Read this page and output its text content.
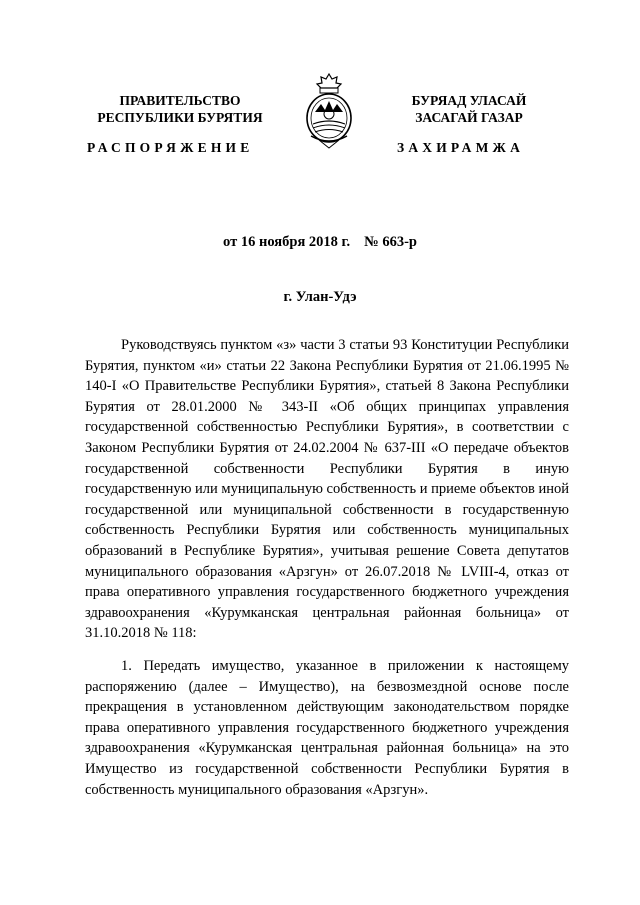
ПРАВИТЕЛЬСТВО
РЕСПУБЛИКИ БУРЯТИЯ
БУРЯАД УЛАСАЙ
ЗАСАГАЙ ГАЗАР
РАСПОРЯЖЕНИЕ	ЗАХИРАМЖА
от 16 ноября 2018 г. № 663-р
г. Улан-Удэ
Руководствуясь пунктом «з» части 3 статьи 93 Конституции Республики Бурятия, пунктом «и» статьи 22 Закона Республики Бурятия от 21.06.1995 № 140-I «О Правительстве Республики Бурятия», статьей 8 Закона Республики Бурятия от 28.01.2000 № 343-II «Об общих принципах управления государственной собственностью Республики Бурятия», в соответствии с Законом Республики Бурятия от 24.02.2004 № 637-III «О передаче объектов государственной собственности Республики Бурятия в иную государственную или муниципальную собственность и приеме объектов иной государственной или муниципальной собственности в государственную собственность Республики Бурятия или собственность муниципальных образований в Республике Бурятия», учитывая решение Совета депутатов муниципального образования «Арзгун» от 26.07.2018 № LVIII-4, отказ от права оперативного управления государственного бюджетного учреждения здравоохранения «Курумканская центральная районная больница» от 31.10.2018 № 118:
1. Передать имущество, указанное в приложении к настоящему распоряжению (далее – Имущество), на безвозмездной основе после прекращения в установленном действующим законодательством порядке права оперативного управления государственного бюджетного учреждения здравоохранения «Курумканская центральная районная больница» на это Имущество из государственной собственности Республики Бурятия в собственность муниципального образования «Арзгун».
